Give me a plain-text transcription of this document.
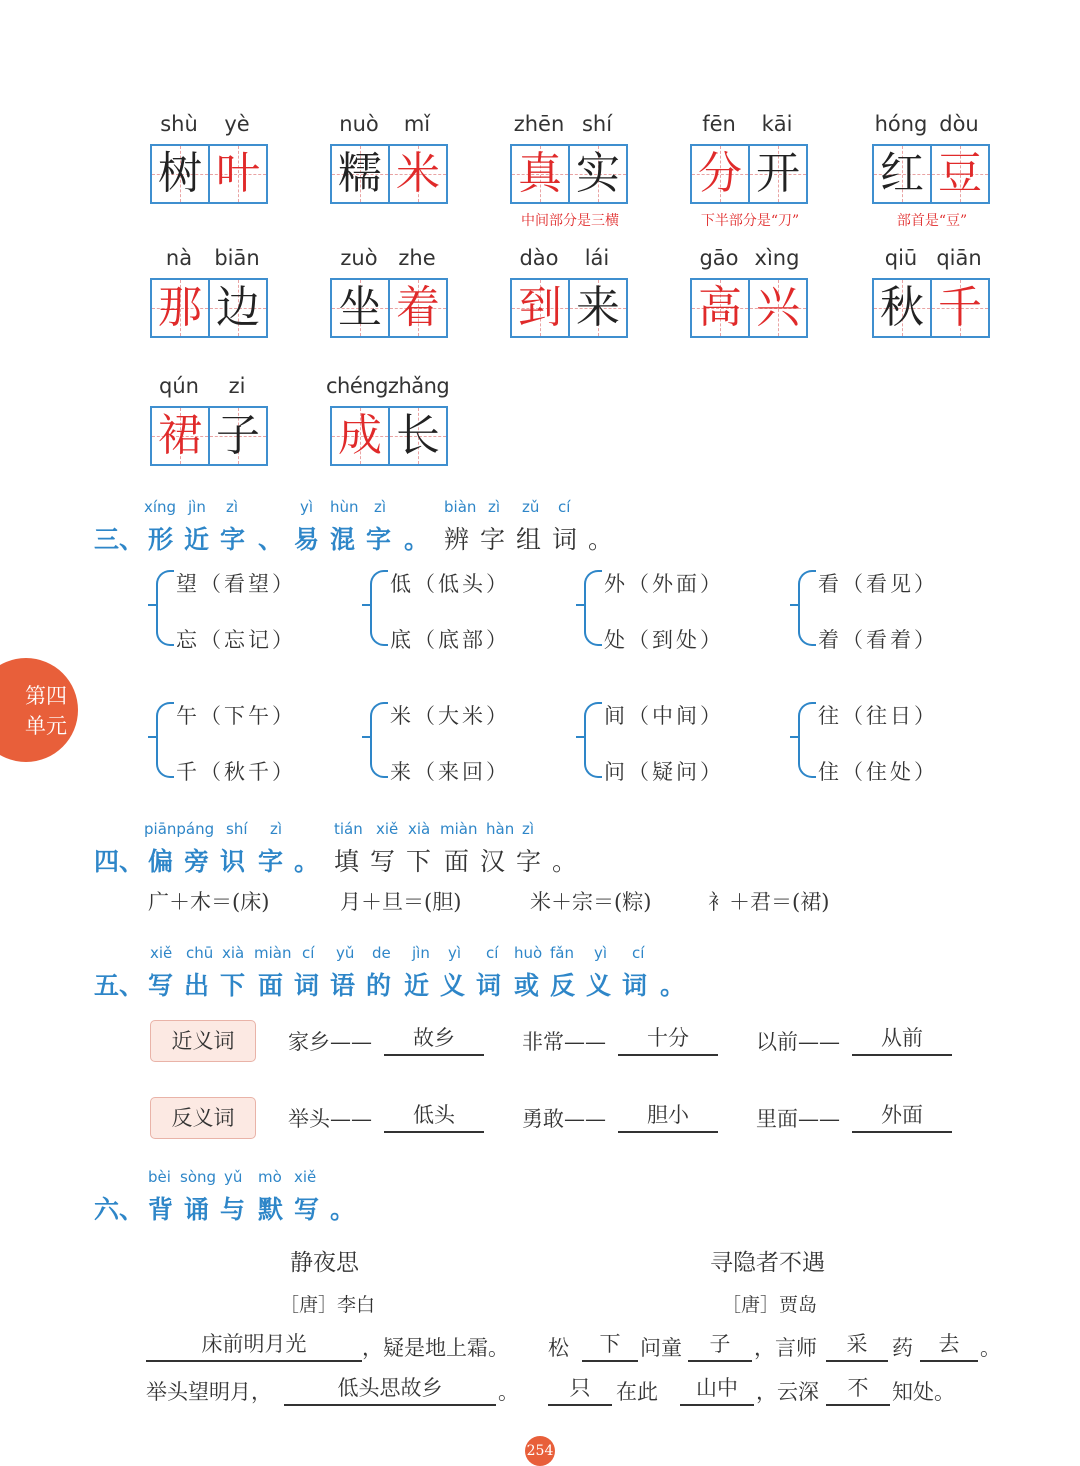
shù	yè
树 叶
nuò	mǐ
糯 米
zhēn shí
真 实
中间部分是三横
fēn	kāi
分 开
下半部分是“刀”
hóng dòu
红 豆
部首是“豆”
nà	biān
那 边
zuò zhe
坐 着
dào	lái
到 来
gāo xìng
高 兴
qiū qiān
秋 千
qún	zi
裙 子
chéngzhǎng
成 长
xíng jìn zì	yì hùn zì	biàn zì zǔ cí
三、 形 近 字 、 易 混 字 。 辨 字 组 词 。
望（看望）
忘（忘记）
低（低头）
底（底部）
外（外面）
处（到处）
看（看见）
着（看着）
午（下午）
千（秋千）
米（大米）
来（来回）
间（中间）
问（疑问）
往（往日）
住（住处）
piānpáng shí zì	tián xiě xià miàn hàn zì
四、 偏 旁 识 字 。 填 写 下 面 汉 字 。
广＋木＝(床)	月＋旦＝(胆)	米＋宗＝(粽)	衤＋君＝(裙)
xiě chū xià miàn cí yǔ de jìn yì cí huò fǎn yì cí
五、 写 出 下 面 词 语 的 近 义 词 或 反 义 词 。
近义词	家乡——	故乡	非常——	十分	以前——	从前
反义词	举头——	低头	勇敢——	胆小	里面——	外面
bèi sòng yǔ mò xiě
六、 背 诵 与 默 写 。
静夜思
［唐］李白
床前明月光	，疑是地上霜。
举头望明月，	低头思故乡	。
寻隐者不遇
［唐］贾岛
松	下 问童	子	，言师	采	药	去 。
只	在此	山中 ，云深	不	知处。
第四
单元
254
